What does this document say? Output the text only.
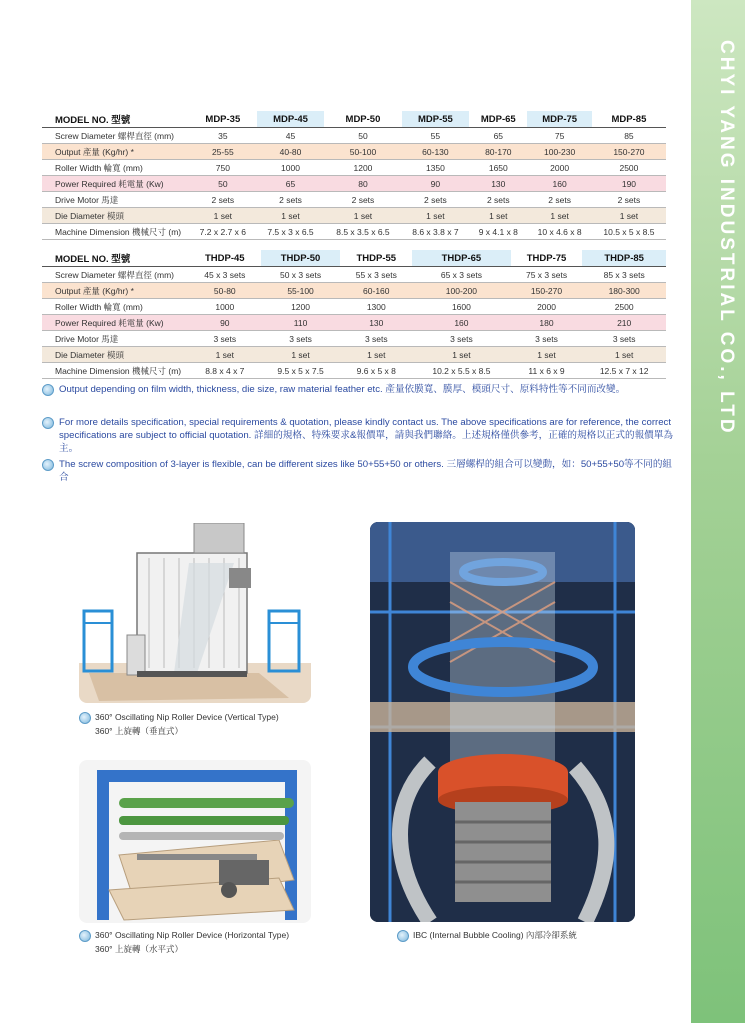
CHYI YANG INDUSTRIAL CO., LTD
MODEL NO. 型號	MDP-35	MDP-45	MDP-50	MDP-55	MDP-65	MDP-75	MDP-85
Screw Diameter 螺桿直徑 (mm)	35	45	50	55	65	75	85
Output 產量 (Kg/hr) *	25-55	40-80	50-100	60-130	80-170	100-230	150-270
Roller Width 輪寬 (mm)	750	1000	1200	1350	1650	2000	2500
Power Required 耗電量 (Kw)	50	65	80	90	130	160	190
Drive Motor 馬達	2 sets	2 sets	2 sets	2 sets	2 sets	2 sets	2 sets
Die Diameter 模頭	1 set	1 set	1 set	1 set	1 set	1 set	1 set
Machine Dimension 機械尺寸 (m)	7.2 x 2.7 x 6	7.5 x 3 x 6.5	8.5 x 3.5 x 6.5	8.6 x 3.8 x 7	9 x 4.1 x 8	10 x 4.6 x 8	10.5 x 5 x 8.5
MODEL NO. 型號	THDP-45	THDP-50	THDP-55	THDP-65	THDP-75	THDP-85
Screw Diameter 螺桿直徑 (mm)	45 x 3 sets	50 x 3 sets	55 x 3 sets	65 x 3 sets	75 x 3 sets	85 x 3 sets
Output 產量 (Kg/hr) *	50-80	55-100	60-160	100-200	150-270	180-300
Roller Width 輪寬 (mm)	1000	1200	1300	1600	2000	2500
Power Required 耗電量 (Kw)	90	110	130	160	180	210
Drive Motor 馬達	3 sets	3 sets	3 sets	3 sets	3 sets	3 sets
Die Diameter 模頭	1 set	1 set	1 set	1 set	1 set	1 set
Machine Dimension 機械尺寸 (m)	8.8 x 4 x 7	9.5 x 5 x 7.5	9.6 x 5 x 8	10.2 x 5.5 x 8.5	11 x 6 x 9	12.5 x 7 x 12
Output depending on film width, thickness, die size, raw material feather etc. 產量依膜寬、膜厚、模頭尺寸、原料特性等不同而改變。
For more details specification, special requirements & quotation, please kindly contact us. The above specifications are for reference, the correct specifications are subject to official quotation. 詳細的規格、特殊要求&報價單，請與我們聯絡。上述規格僅供參考，正確的規格以正式的報價單為主。
The screw composition of 3-layer is flexible, can be different sizes like 50+55+50 or others. 三層螺桿的組合可以變動，如：50+55+50等不同的組合
360° Oscillating Nip Roller Device (Vertical Type)
360° 上旋轉（垂直式）
360° Oscillating Nip Roller Device (Horizontal Type)
360° 上旋轉（水平式）
IBC (Internal Bubble Cooling) 內部冷卻系統
